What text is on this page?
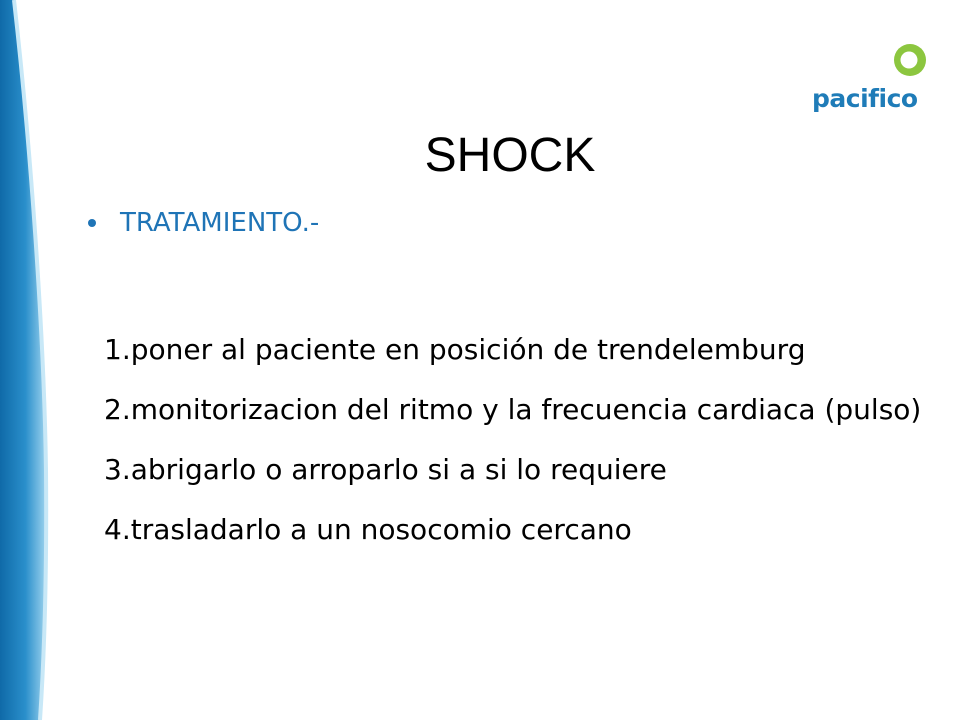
pacifico
SHOCK
TRATAMIENTO.-
1.poner al paciente en posición de trendelemburg
2.monitorizacion del ritmo y la frecuencia cardiaca (pulso)
3.abrigarlo o arroparlo si a si lo requiere
4.trasladarlo a un nosocomio cercano
